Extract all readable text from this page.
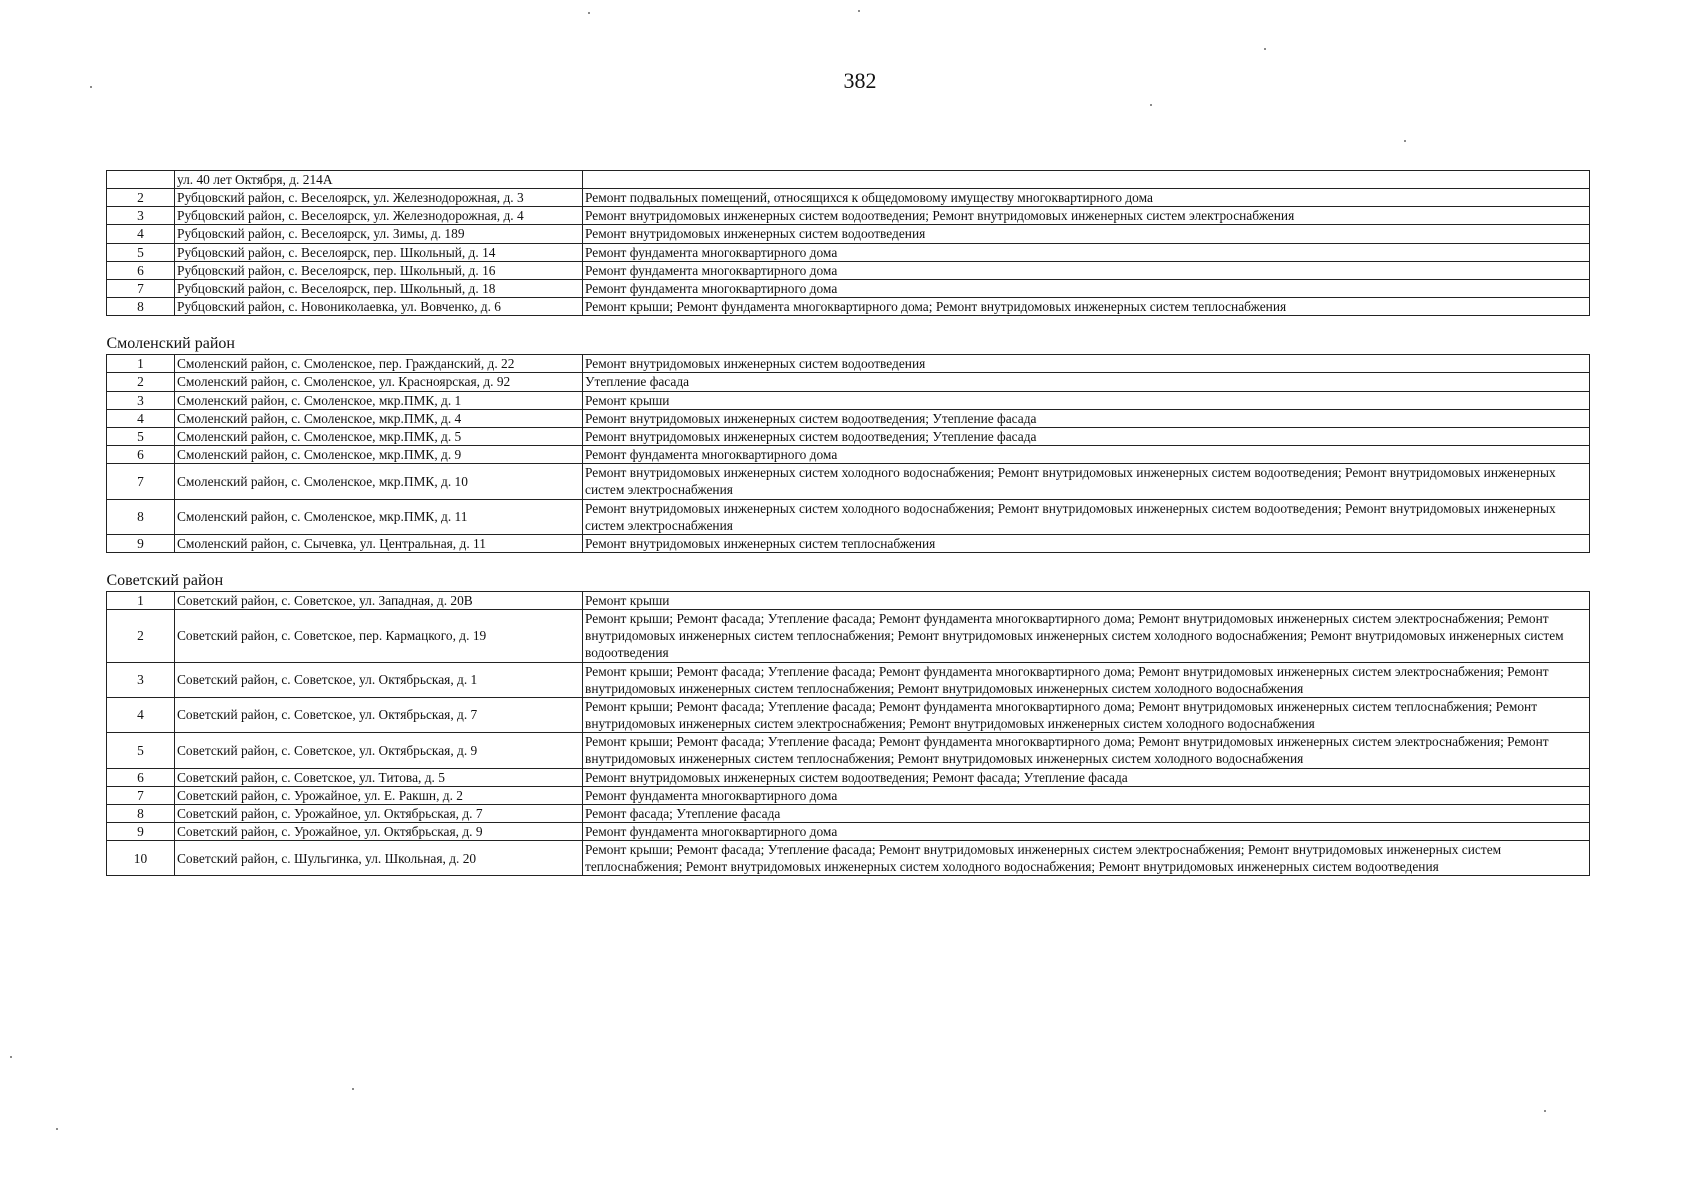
382
	ул. 40 лет Октября, д. 214А	
2	Рубцовский район, с. Веселоярск, ул. Железнодорожная, д. 3	Ремонт подвальных помещений, относящихся к общедомовому имуществу многоквартирного дома
3	Рубцовский район, с. Веселоярск, ул. Железнодорожная, д. 4	Ремонт внутридомовых инженерных систем водоотведения; Ремонт внутридомовых инженерных систем электроснабжения
4	Рубцовский район, с. Веселоярск, ул. Зимы, д. 189	Ремонт внутридомовых инженерных систем водоотведения
5	Рубцовский район, с. Веселоярск, пер. Школьный, д. 14	Ремонт фундамента многоквартирного дома
6	Рубцовский район, с. Веселоярск, пер. Школьный, д. 16	Ремонт фундамента многоквартирного дома
7	Рубцовский район, с. Веселоярск, пер. Школьный, д. 18	Ремонт фундамента многоквартирного дома
8	Рубцовский район, с. Новониколаевка, ул. Вовченко, д. 6	Ремонт крыши; Ремонт фундамента многоквартирного дома; Ремонт внутридомовых инженерных систем теплоснабжения

Смоленский район		
1	Смоленский район, с. Смоленское, пер. Гражданский, д. 22	Ремонт внутридомовых инженерных систем водоотведения
2	Смоленский район, с. Смоленское, ул. Красноярская, д. 92	Утепление фасада
3	Смоленский район, с. Смоленское, мкр.ПМК, д. 1	Ремонт крыши
4	Смоленский район, с. Смоленское, мкр.ПМК, д. 4	Ремонт внутридомовых инженерных систем водоотведения; Утепление фасада
5	Смоленский район, с. Смоленское, мкр.ПМК, д. 5	Ремонт внутридомовых инженерных систем водоотведения; Утепление фасада
6	Смоленский район, с. Смоленское, мкр.ПМК, д. 9	Ремонт фундамента многоквартирного дома
7	Смоленский район, с. Смоленское, мкр.ПМК, д. 10	Ремонт внутридомовых инженерных систем холодного водоснабжения; Ремонт внутридомовых инженерных систем водоотведения; Ремонт внутридомовых инженерных систем электроснабжения
8	Смоленский район, с. Смоленское, мкр.ПМК, д. 11	Ремонт внутридомовых инженерных систем холодного водоснабжения; Ремонт внутридомовых инженерных систем водоотведения; Ремонт внутридомовых инженерных систем электроснабжения
9	Смоленский район, с. Сычевка, ул. Центральная, д. 11	Ремонт внутридомовых инженерных систем теплоснабжения

Советский район		
1	Советский район, с. Советское, ул. Западная, д. 20В	Ремонт крыши
2	Советский район, с. Советское, пер. Кармацкого, д. 19	Ремонт крыши; Ремонт фасада; Утепление фасада; Ремонт фундамента многоквартирного дома; Ремонт внутридомовых инженерных систем электроснабжения; Ремонт внутридомовых инженерных систем теплоснабжения; Ремонт внутридомовых инженерных систем холодного водоснабжения; Ремонт внутридомовых инженерных систем водоотведения
3	Советский район, с. Советское, ул. Октябрьская, д. 1	Ремонт крыши; Ремонт фасада; Утепление фасада; Ремонт фундамента многоквартирного дома; Ремонт внутридомовых инженерных систем электроснабжения; Ремонт внутридомовых инженерных систем теплоснабжения; Ремонт внутридомовых инженерных систем холодного водоснабжения
4	Советский район, с. Советское, ул. Октябрьская, д. 7	Ремонт крыши; Ремонт фасада; Утепление фасада; Ремонт фундамента многоквартирного дома; Ремонт внутридомовых инженерных систем теплоснабжения; Ремонт внутридомовых инженерных систем электроснабжения; Ремонт внутридомовых инженерных систем холодного водоснабжения
5	Советский район, с. Советское, ул. Октябрьская, д. 9	Ремонт крыши; Ремонт фасада; Утепление фасада; Ремонт фундамента многоквартирного дома; Ремонт внутридомовых инженерных систем электроснабжения; Ремонт внутридомовых инженерных систем теплоснабжения; Ремонт внутридомовых инженерных систем холодного водоснабжения
6	Советский район, с. Советское, ул. Титова, д. 5	Ремонт внутридомовых инженерных систем водоотведения; Ремонт фасада; Утепление фасада
7	Советский район, с. Урожайное, ул. Е. Ракшн, д. 2	Ремонт фундамента многоквартирного дома
8	Советский район, с. Урожайное, ул. Октябрьская, д. 7	Ремонт фасада; Утепление фасада
9	Советский район, с. Урожайное, ул. Октябрьская, д. 9	Ремонт фундамента многоквартирного дома
10	Советский район, с. Шульгинка, ул. Школьная, д. 20	Ремонт крыши; Ремонт фасада; Утепление фасада; Ремонт внутридомовых инженерных систем электроснабжения; Ремонт внутридомовых инженерных систем теплоснабжения; Ремонт внутридомовых инженерных систем холодного водоснабжения; Ремонт внутридомовых инженерных систем водоотведения
